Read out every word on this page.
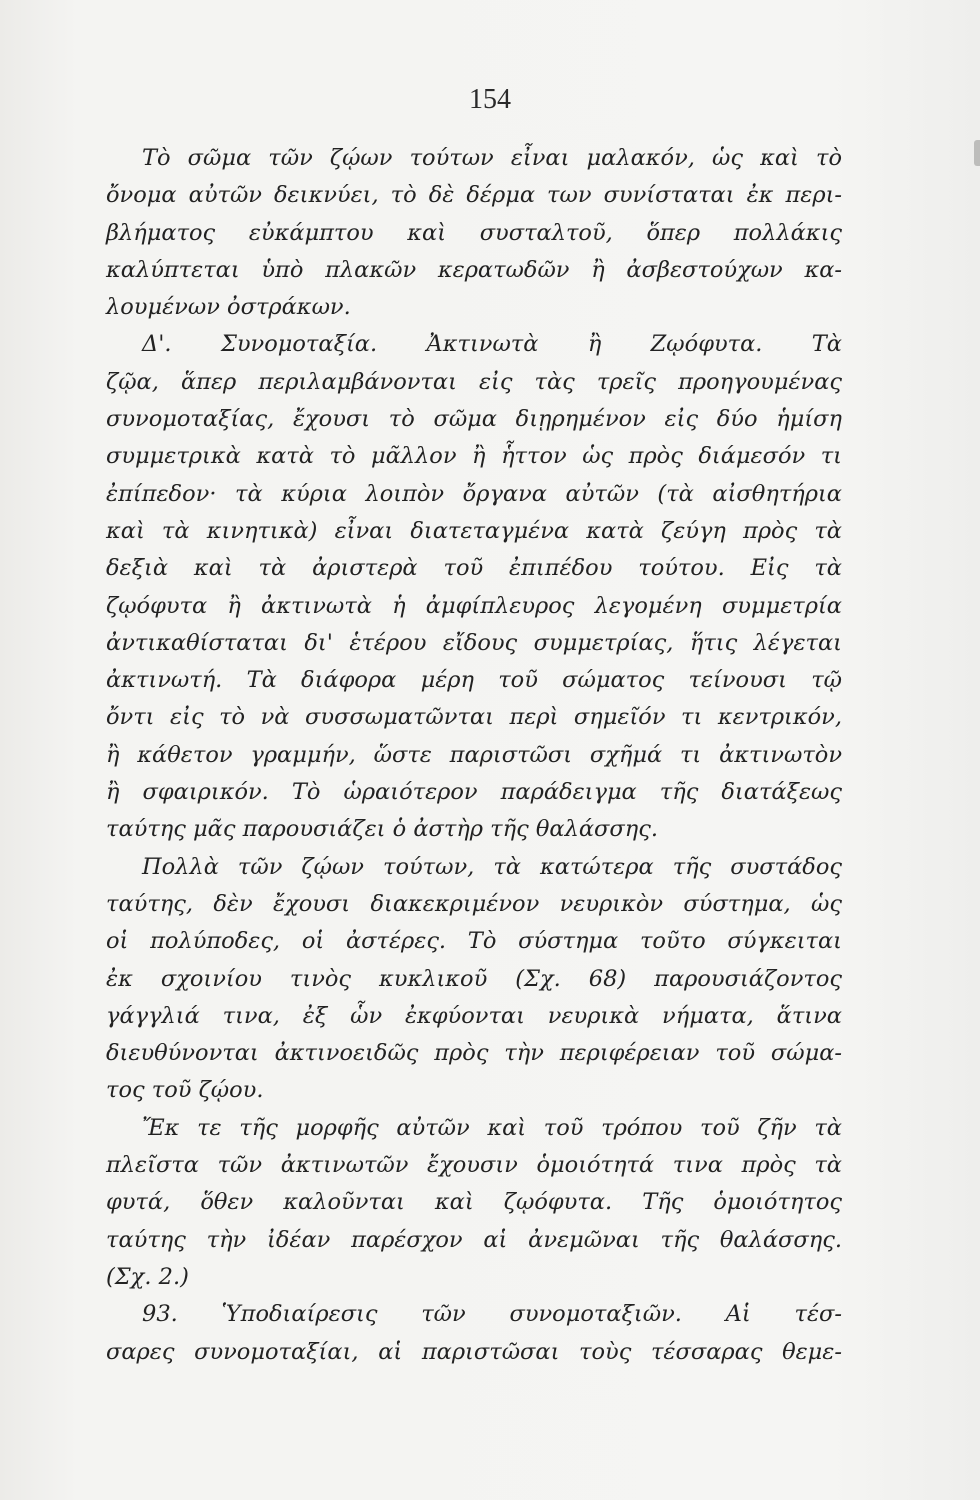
154
Τὸ σῶμα τῶν ζῴων τούτων εἶναι μαλακόν, ὡς καὶ τὸ
ὄνομα αὐτῶν δεικνύει, τὸ δὲ δέρμα των συνίσταται ἐκ περι-
βλήματος εὐκάμπτου καὶ συσταλτοῦ, ὅπερ πολλάκις
καλύπτεται ὑπὸ πλακῶν κερατωδῶν ἢ ἀσβεστούχων κα-
λουμένων ὀστράκων.
Δ'. Συνομοταξία. Ἀκτινωτὰ ἢ Ζῳόφυτα. Τὰ
ζῷα, ἅπερ περιλαμβάνονται εἰς τὰς τρεῖς προηγουμένας
συνομοταξίας, ἔχουσι τὸ σῶμα διῃρημένον εἰς δύο ἡμίση
συμμετρικὰ κατὰ τὸ μᾶλλον ἢ ἧττον ὡς πρὸς διάμεσόν τι
ἐπίπεδον· τὰ κύρια λοιπὸν ὄργανα αὐτῶν (τὰ αἰσθητήρια
καὶ τὰ κινητικὰ) εἶναι διατεταγμένα κατὰ ζεύγη πρὸς τὰ
δεξιὰ καὶ τὰ ἀριστερὰ τοῦ ἐπιπέδου τούτου. Εἰς τὰ
ζῳόφυτα ἢ ἀκτινωτὰ ἡ ἀμφίπλευρος λεγομένη συμμετρία
ἀντικαθίσταται δι' ἑτέρου εἴδους συμμετρίας, ἥτις λέγεται
ἀκτινωτή. Τὰ διάφορα μέρη τοῦ σώματος τείνουσι τῷ
ὄντι εἰς τὸ νὰ συσσωματῶνται περὶ σημεῖόν τι κεντρικόν,
ἢ κάθετον γραμμήν, ὥστε παριστῶσι σχῆμά τι ἀκτινωτὸν
ἢ σφαιρικόν. Τὸ ὡραιότερον παράδειγμα τῆς διατάξεως
ταύτης μᾶς παρουσιάζει ὁ ἀστὴρ τῆς θαλάσσης.
Πολλὰ τῶν ζῴων τούτων, τὰ κατώτερα τῆς συστάδος
ταύτης, δὲν ἔχουσι διακεκριμένον νευρικὸν σύστημα, ὡς
οἱ πολύποδες, οἱ ἀστέρες. Τὸ σύστημα τοῦτο σύγκειται
ἐκ σχοινίου τινὸς κυκλικοῦ (Σχ. 68) παρουσιάζοντος
γάγγλιά τινα, ἐξ ὧν ἐκφύονται νευρικὰ νήματα, ἅτινα
διευθύνονται ἀκτινοειδῶς πρὸς τὴν περιφέρειαν τοῦ σώμα-
τος τοῦ ζῴου.
Ἔκ τε τῆς μορφῆς αὐτῶν καὶ τοῦ τρόπου τοῦ ζῆν τὰ
πλεῖστα τῶν ἀκτινωτῶν ἔχουσιν ὁμοιότητά τινα πρὸς τὰ
φυτά, ὅθεν καλοῦνται καὶ ζῳόφυτα. Τῆς ὁμοιότητος
ταύτης τὴν ἰδέαν παρέσχον αἱ ἀνεμῶναι τῆς θαλάσσης.
(Σχ. 2.)
93. Ὑποδιαίρεσις τῶν συνομοταξιῶν. Αἱ τέσ-
σαρες συνομοταξίαι, αἱ παριστῶσαι τοὺς τέσσαρας θεμε-
